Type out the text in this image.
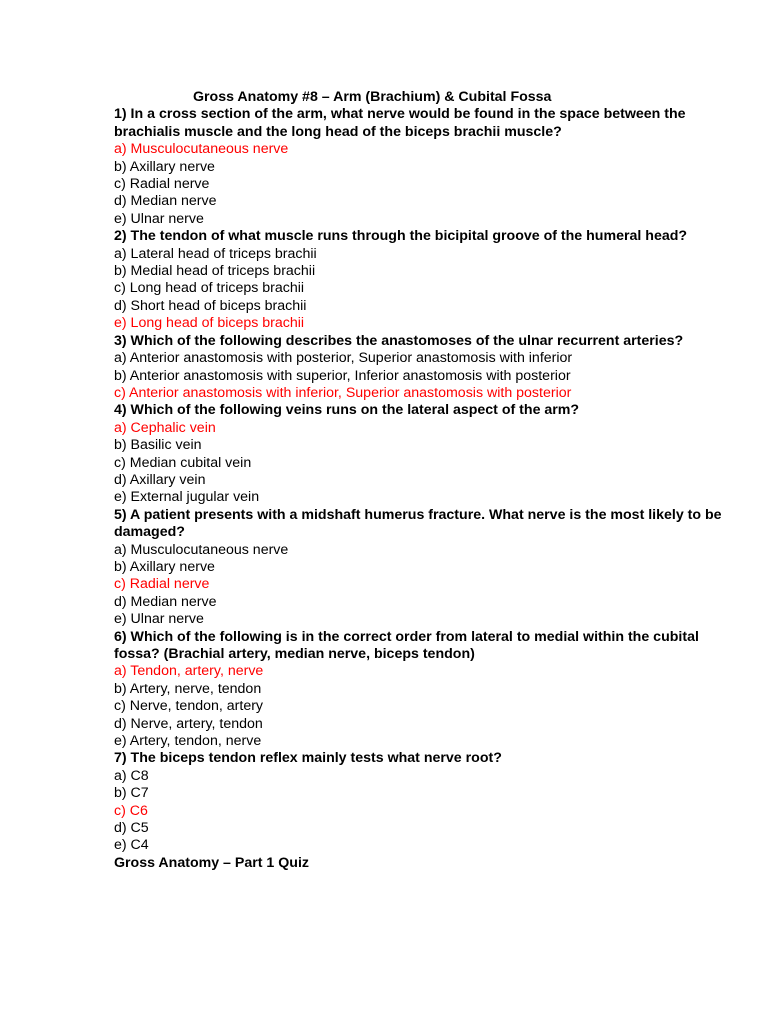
Gross Anatomy #8 – Arm (Brachium) & Cubital Fossa
1) In a cross section of the arm, what nerve would be found in the space between the brachialis muscle and the long head of the biceps brachii muscle?
a) Musculocutaneous nerve
b) Axillary nerve
c) Radial nerve
d) Median nerve
e) Ulnar nerve
2) The tendon of what muscle runs through the bicipital groove of the humeral head?
a) Lateral head of triceps brachii
b) Medial head of triceps brachii
c) Long head of triceps brachii
d) Short head of biceps brachii
e) Long head of biceps brachii
3) Which of the following describes the anastomoses of the ulnar recurrent arteries?
a) Anterior anastomosis with posterior, Superior anastomosis with inferior
b) Anterior anastomosis with superior, Inferior anastomosis with posterior
c) Anterior anastomosis with inferior, Superior anastomosis with posterior
4) Which of the following veins runs on the lateral aspect of the arm?
a) Cephalic vein
b) Basilic vein
c) Median cubital vein
d) Axillary vein
e) External jugular vein
5) A patient presents with a midshaft humerus fracture. What nerve is the most likely to be damaged?
a) Musculocutaneous nerve
b) Axillary nerve
c) Radial nerve
d) Median nerve
e) Ulnar nerve
6) Which of the following is in the correct order from lateral to medial within the cubital fossa? (Brachial artery, median nerve, biceps tendon)
a) Tendon, artery, nerve
b) Artery, nerve, tendon
c) Nerve, tendon, artery
d) Nerve, artery, tendon
e) Artery, tendon, nerve
7) The biceps tendon reflex mainly tests what nerve root?
a) C8
b) C7
c) C6
d) C5
e) C4
Gross Anatomy – Part 1 Quiz
